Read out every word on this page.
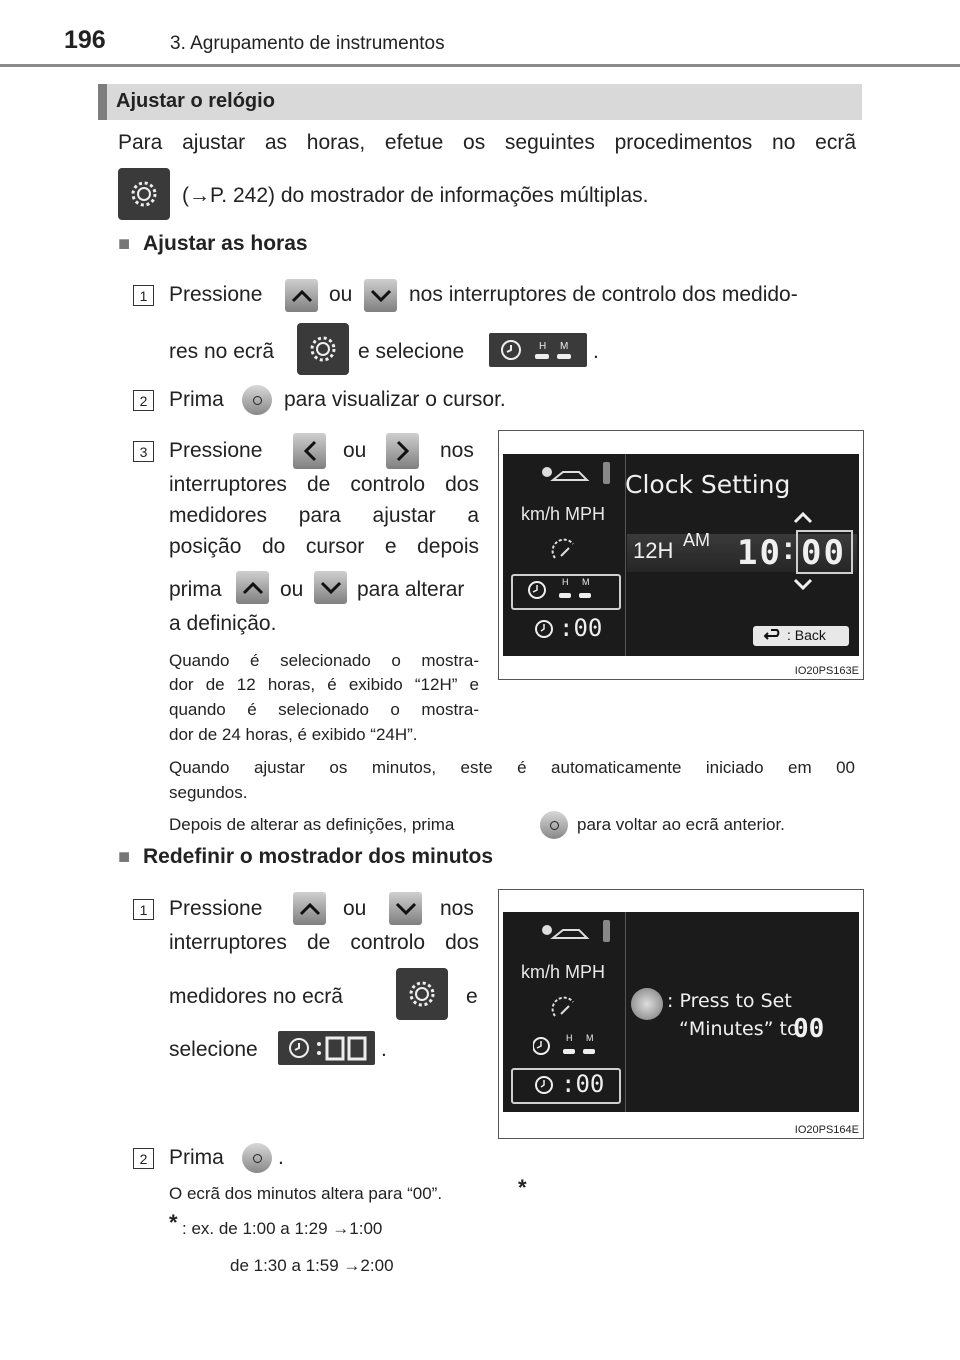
196	3. Agrupamento de instrumentos
Ajustar o relógio
Para ajustar as horas, efetue os seguintes procedimentos no ecrã
(→P. 242) do mostrador de informações múltiplas.
■ Ajustar as horas
1	Pressione	ou	nos interruptores de controlo dos medido-
res no ecrã	e selecione	H M .
2	Prima	para visualizar o cursor.
3	Pressione	ou	nos
interruptores de controlo dos
medidores para ajustar a
posição do cursor e depois
prima	ou	para alterar
a definição.
Quando é selecionado o mostra-
dor de 12 horas, é exibido “12H” e
quando é selecionado o mostra-
dor de 24 horas, é exibido “24H”.
km/h MPH
H M
:00
Clock Setting
12H AM 10 : 00
: Back
IO20PS163E
Quando ajustar os minutos, este é automaticamente iniciado em 00
segundos.
Depois de alterar as definições, prima	para voltar ao ecrã anterior.
■ Redefinir o mostrador dos minutos
1	Pressione	ou	nos
interruptores de controlo dos
medidores no ecrã	e
selecione	.
km/h MPH
H M
:00
: Press to Set
“Minutes” to
00
IO20PS164E
2	Prima	.
O ecrã dos minutos altera para “00”.	*
* : ex. de 1:00 a 1:29 →1:00
de 1:30 a 1:59 →2:00
